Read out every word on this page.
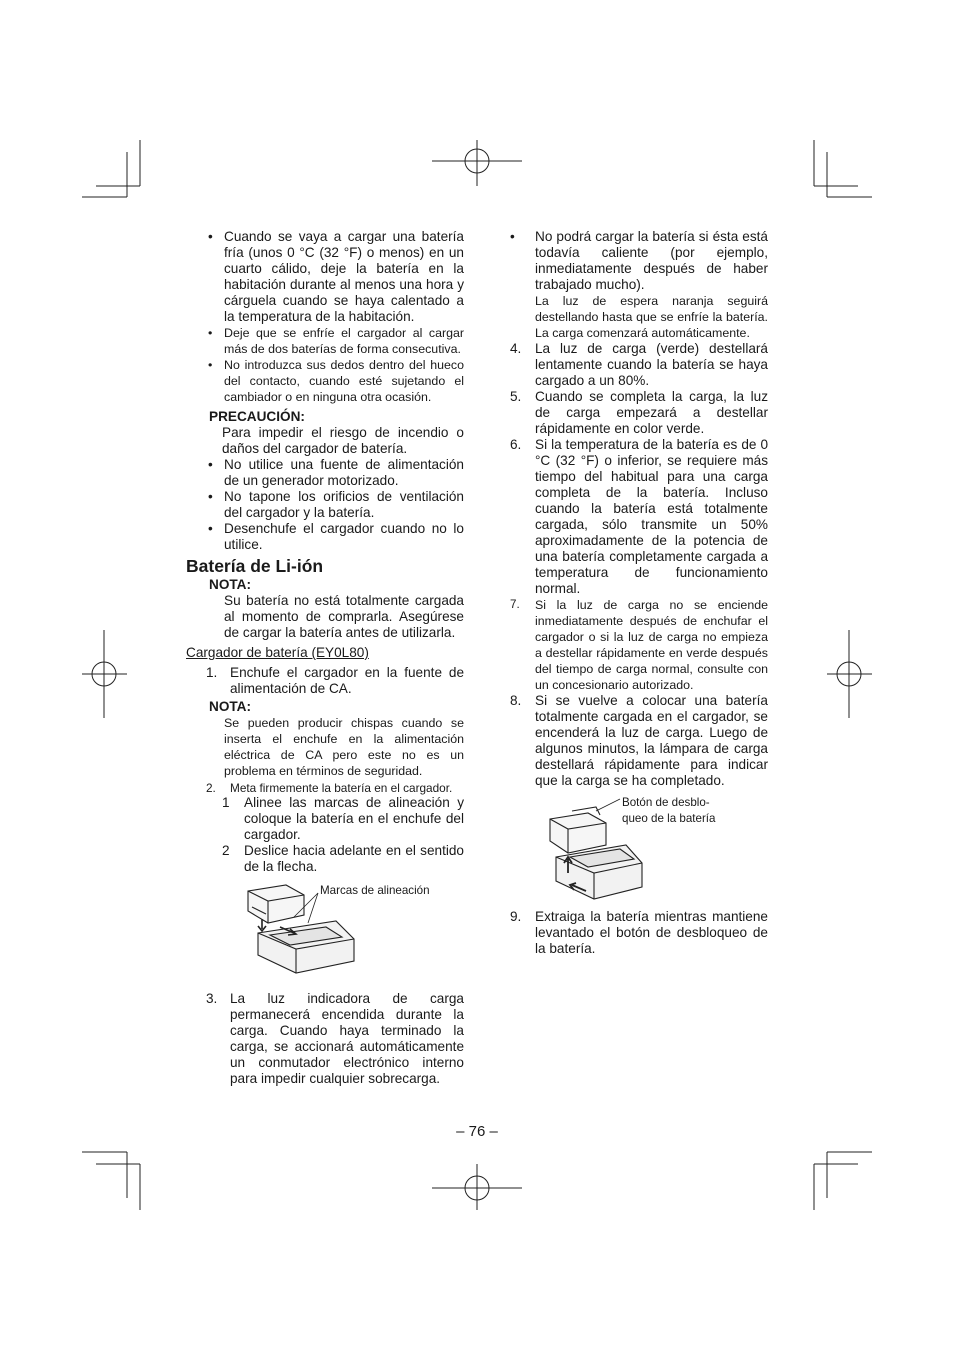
• Cuando se vaya a cargar una batería fría (unos 0 °C (32 °F) o menos) en un cuarto cálido, deje la batería en la habitación durante al menos una hora y cárguela cuando se haya calentado a la temperatura de la habitación.

• Deje que se enfríe el cargador al cargar más de dos baterías de forma consecutiva.

• No introduzca sus dedos dentro del hueco del contacto, cuando esté sujetando el cambiador o en ninguna otra ocasión.

PRECAUCIÓN:

Para impedir el riesgo de incendio o daños del cargador de batería.

• No utilice una fuente de alimentación de un generador motorizado.

• No tapone los orificios de ventilación del cargador y la batería.

• Desenchufe el cargador cuando no lo utilice.

Batería de Li-ión

NOTA:

Su batería no está totalmente cargada al momento de comprarla. Asegúrese de cargar la batería antes de utilizarla.

Cargador de batería (EY0L80)

1. Enchufe el cargador en la fuente de alimentación de CA.

NOTA:

Se pueden producir chispas cuando se inserta el enchufe en la alimentación eléctrica de CA pero este no es un problema en términos de seguridad.

2. Meta firmemente la batería en el cargador.

1 Alinee las marcas de alineación y coloque la batería en el enchufe del cargador.

2 Deslice hacia adelante en el sentido de la flecha.

Marcas de alineación

3. La luz indicadora de carga permanecerá encendida durante la carga. Cuando haya terminado la carga, se accionará automáticamente un conmutador electrónico interno para impedir cualquier sobrecarga.

• No podrá cargar la batería si ésta está todavía caliente (por ejemplo, inmediatamente después de haber trabajado mucho).

La luz de espera naranja seguirá destellando hasta que se enfríe la batería. La carga comenzará automáticamente.

4. La luz de carga (verde) destellará lentamente cuando la batería se haya cargado a un 80%.

5. Cuando se completa la carga, la luz de carga empezará a destellar rápidamente en color verde.

6. Si la temperatura de la batería es de 0 °C (32 °F) o inferior, se requiere más tiempo del habitual para una carga completa de la batería. Incluso cuando la batería está totalmente cargada, sólo transmite un 50% aproximadamente de la potencia de una batería completamente cargada a temperatura de funcionamiento normal.

7. Si la luz de carga no se enciende inmediatamente después de enchufar el cargador o si la luz de carga no empieza a destellar rápidamente en verde después del tiempo de carga normal, consulte con un concesionario autorizado.

8. Si se vuelve a colocar una batería totalmente cargada en el cargador, se encenderá la luz de carga. Luego de algunos minutos, la lámpara de carga destellará rápidamente para indicar que la carga se ha completado.

Botón de desblo-
queo de la batería

9. Extraiga la batería mientras mantiene levantado el botón de desbloqueo de la batería.

– 76 –
